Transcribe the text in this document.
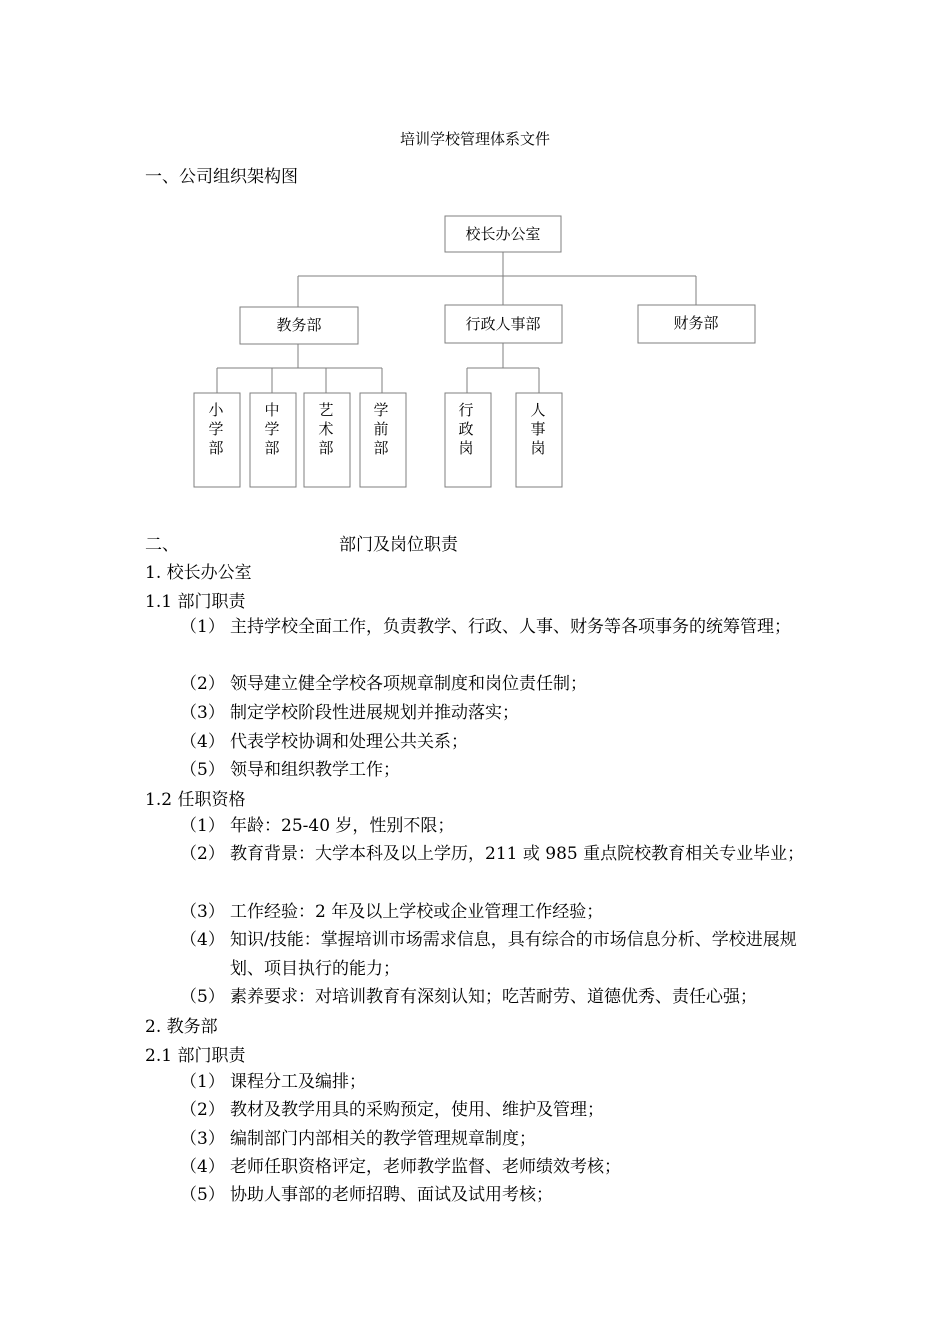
培训学校管理体系文件
一、公司组织架构图
校长办公室
教务部	行政人事部	财务部
小学部
中学部
艺术部
学前部
行政岗
人事岗
二、	部门及岗位职责
1. 校长办公室
1.1 部门职责
（1） 主持学校全面工作，负责教学、行政、人事、财务等各项事务的统筹管理；
（2） 领导建立健全学校各项规章制度和岗位责任制；
（3） 制定学校阶段性进展规划并推动落实；
（4） 代表学校协调和处理公共关系；
（5） 领导和组织教学工作；
1.2 任职资格
（1） 年龄：25-40 岁，性别不限；
（2） 教育背景：大学本科及以上学历，211 或 985 重点院校教育相关专业毕业；
（3） 工作经验：2 年及以上学校或企业管理工作经验；
（4） 知识/技能：掌握培训市场需求信息，具有综合的市场信息分析、学校进展规划、项目执行的能力；
（5） 素养要求：对培训教育有深刻认知；吃苦耐劳、道德优秀、责任心强；
2. 教务部
2.1 部门职责
（1） 课程分工及编排；
（2） 教材及教学用具的采购预定，使用、维护及管理；
（3） 编制部门内部相关的教学管理规章制度；
（4） 老师任职资格评定，老师教学监督、老师绩效考核；
（5） 协助人事部的老师招聘、面试及试用考核；
